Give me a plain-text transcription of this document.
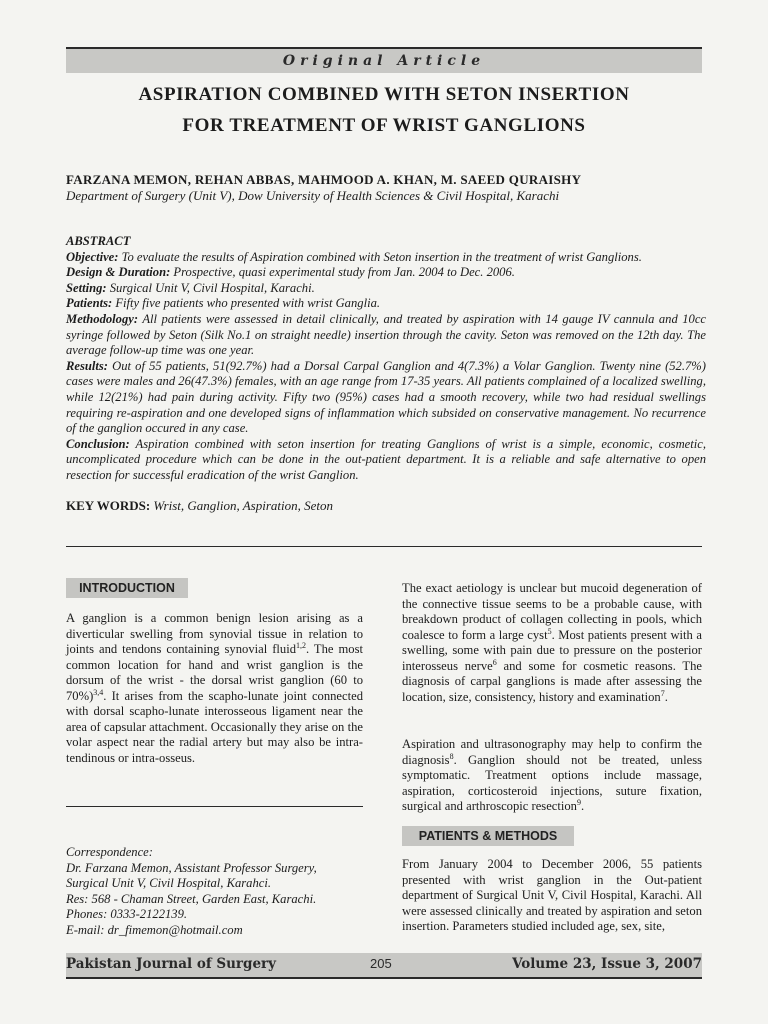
Original Article
ASPIRATION COMBINED WITH SETON INSERTION
FOR TREATMENT OF WRIST GANGLIONS
FARZANA MEMON, REHAN ABBAS, MAHMOOD A. KHAN, M. SAEED QURAISHY
Department of Surgery (Unit V), Dow University of Health Sciences & Civil Hospital, Karachi

ABSTRACT

Objective: To evaluate the results of Aspiration combined with Seton insertion in the treatment of wrist Ganglions.

Design & Duration: Prospective, quasi experimental study from Jan. 2004 to Dec. 2006.

Setting: Surgical Unit V, Civil Hospital, Karachi.

Patients: Fifty five patients who presented with wrist Ganglia.

Methodology: All patients were assessed in detail clinically, and treated by aspiration with 14 gauge IV cannula and 10cc syringe followed by Seton (Silk No.1 on straight needle) insertion through the cavity. Seton was removed on the 12th day. The average follow-up time was one year.

Results: Out of 55 patients, 51(92.7%) had a Dorsal Carpal Ganglion and 4(7.3%) a Volar Ganglion. Twenty nine (52.7%) cases were males and 26(47.3%) females, with an age range from 17-35 years. All patients complained of a localized swelling, while 12(21%) had pain during activity. Fifty two (95%) cases had a smooth recovery, while two had residual swellings requiring re-aspiration and one developed signs of inflammation which subsided on conservative management. No recurrence of the ganglion occured in any case.

Conclusion: Aspiration combined with seton insertion for treating Ganglions of wrist is a simple, economic, cosmetic, uncomplicated procedure which can be done in the out-patient department. It is a reliable and safe alternative to open resection for successful eradication of the wrist Ganglion.

KEY WORDS: Wrist, Ganglion, Aspiration, Seton
INTRODUCTION

A ganglion is a common benign lesion arising as a diverticular swelling from synovial tissue in relation to joints and tendons containing synovial fluid$^{1,2}$. The most common location for hand and wrist ganglion is the dorsum of the wrist - the dorsal wrist ganglion (60 to 70%)$^{3,4}$. It arises from the scapho-lunate joint connected with dorsal scapho-lunate interosseous ligament near the area of capsular attachment. Occasionally they arise on the volar aspect near the radial artery but may also be intra-tendinous or intra-osseus.

Correspondence:
Dr. Farzana Memon, Assistant Professor Surgery,
Surgical Unit V, Civil Hospital, Karahci.
Res: 568 - Chaman Street, Garden East, Karachi.
Phones: 0333-2122139.
E-mail: dr_fimemon@hotmail.com

The exact aetiology is unclear but mucoid degeneration of the connective tissue seems to be a probable cause, with breakdown product of collagen collecting in pools, which coalesce to form a large cyst$^5$. Most patients present with a swelling, some with pain due to pressure on the posterior interosseus nerve$^6$ and some for cosmetic reasons. The diagnosis of carpal ganglions is made after assessing the location, size, consistency, history and examination$^7$.

Aspiration and ultrasonography may help to confirm the diagnosis$^8$. Ganglion should not be treated, unless symptomatic. Treatment options include massage, aspiration, corticosteroid injections, suture fixation, surgical and arthroscopic resection$^9$.

PATIENTS & METHODS

From January 2004 to December 2006, 55 patients presented with wrist ganglion in the Out-patient department of Surgical Unit V, Civil Hospital, Karachi. All were assessed clinically and treated by aspiration and seton insertion. Parameters studied included age, sex, site,

Pakistan Journal of Surgery	205	Volume 23, Issue 3, 2007
